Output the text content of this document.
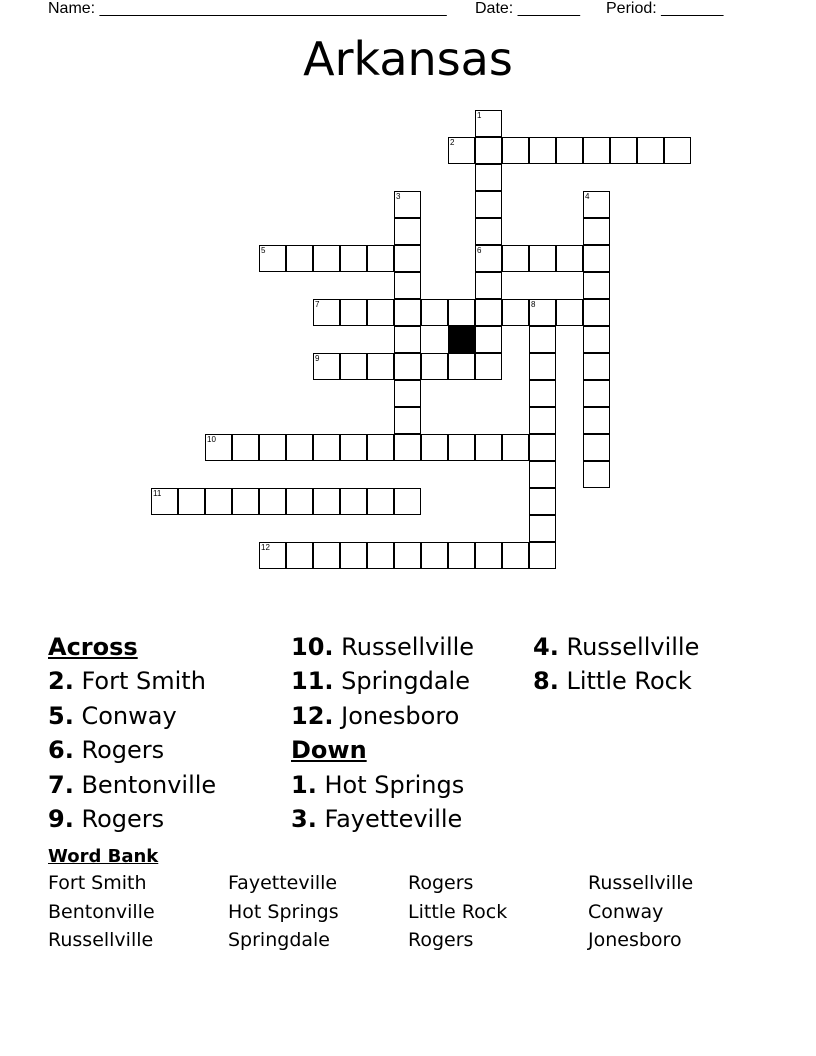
Name: _______________________________________ Date: _______ Period: _______
Arkansas
1
6
2
3	4
5
7	8
9
10
11
12
Across
2. Fort Smith
5. Conway
6. Rogers
7. Bentonville
9. Rogers
10. Russellville
11. Springdale
12. Jonesboro
Down
1. Hot Springs
3. Fayetteville
4. Russellville
8. Little Rock
Word Bank
Fort Smith	Fayetteville	Rogers	Russellville
Bentonville	Hot Springs	Little Rock	Conway
Russellville	Springdale	Rogers	Jonesboro
